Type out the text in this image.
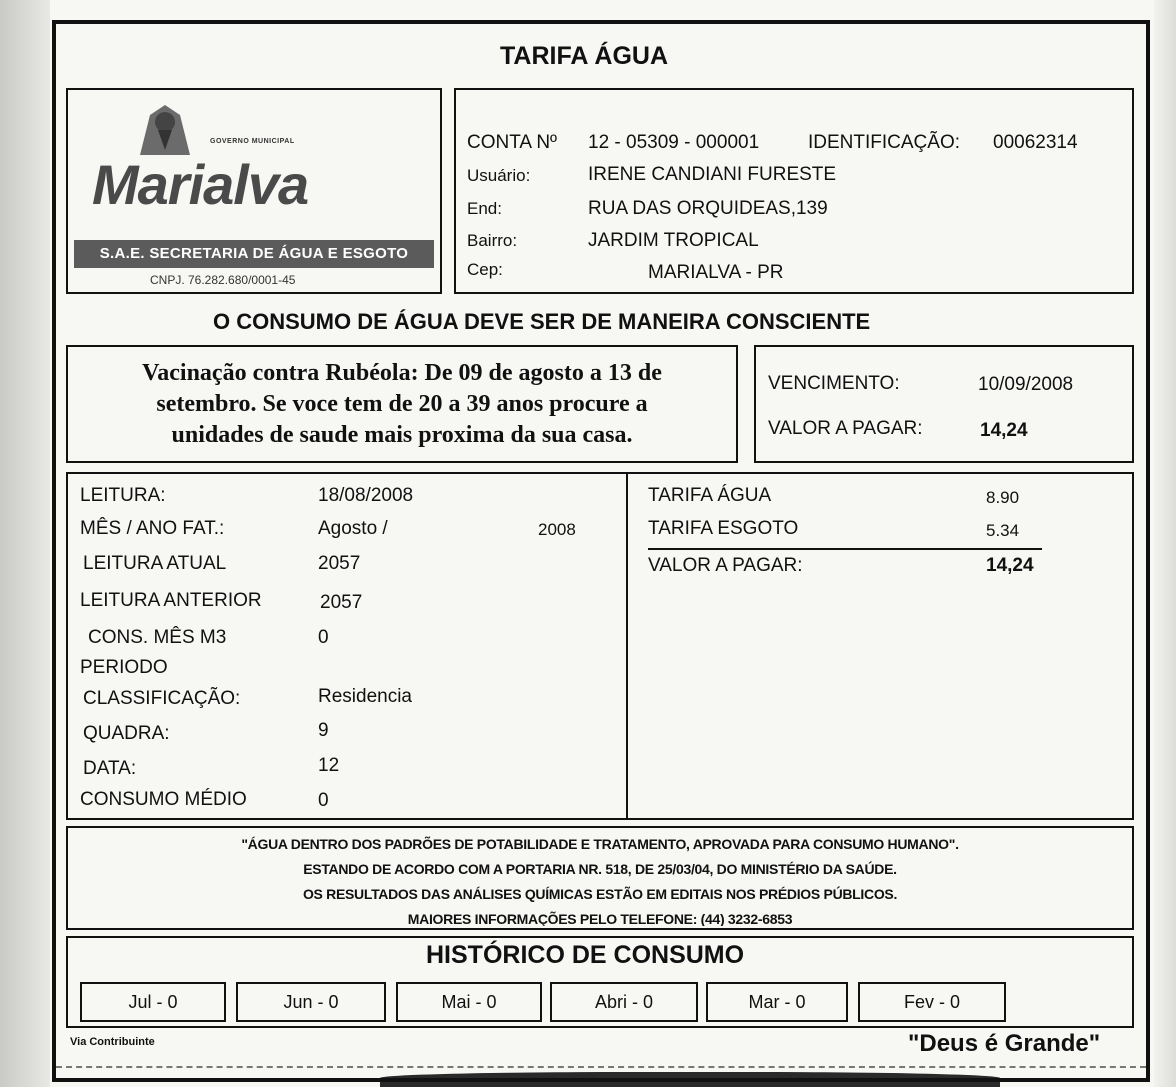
TARIFA ÁGUA
GOVERNO MUNICIPAL
Marialva
S.A.E. SECRETARIA DE ÁGUA E ESGOTO
CNPJ. 76.282.680/0001-45
CONTA Nº 12 - 05309 - 000001	IDENTIFICAÇÃO: 00062314
Usuário:	IRENE CANDIANI FURESTE
End:	RUA DAS ORQUIDEAS,139
Bairro:	JARDIM TROPICAL
Cep:	MARIALVA - PR
O CONSUMO DE ÁGUA DEVE SER DE MANEIRA CONSCIENTE
Vacinação contra Rubéola: De 09 de agosto a 13 de
setembro. Se voce tem de 20 a 39 anos procure a
unidades de saude mais proxima da sua casa.
VENCIMENTO:	10/09/2008
VALOR A PAGAR:	14,24
LEITURA:	18/08/2008
MÊS / ANO FAT.:	Agosto /	2008
LEITURA ATUAL	2057
LEITURA ANTERIOR	2057
CONS. MÊS M3	0
PERIODO
CLASSIFICAÇÃO:	Residencia
QUADRA:	9
DATA:	12
CONSUMO MÉDIO	0
TARIFA ÁGUA	8.90
TARIFA ESGOTO	5.34
VALOR A PAGAR:	14,24
"ÁGUA DENTRO DOS PADRÕES DE POTABILIDADE E TRATAMENTO, APROVADA PARA CONSUMO HUMANO".
ESTANDO DE ACORDO COM A PORTARIA NR. 518, DE 25/03/04, DO MINISTÉRIO DA SAÚDE.
OS RESULTADOS DAS ANÁLISES QUÍMICAS ESTÃO EM EDITAIS NOS PRÉDIOS PÚBLICOS.
MAIORES INFORMAÇÕES PELO TELEFONE: (44) 3232-6853
HISTÓRICO DE CONSUMO
Jul - 0	Jun - 0	Mai - 0	Abri - 0	Mar - 0	Fev - 0
Via Contribuinte	"Deus é Grande"
